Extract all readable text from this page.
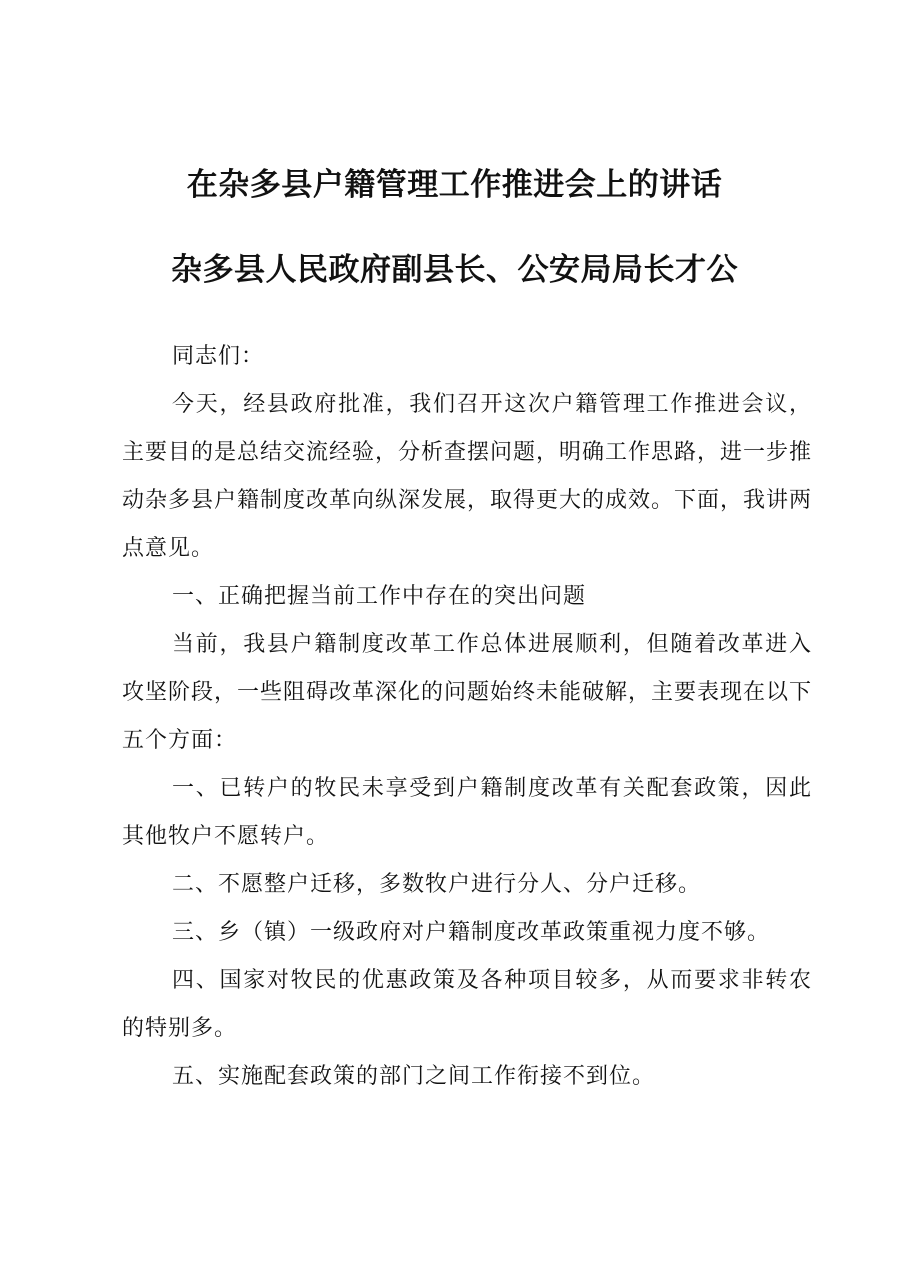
在杂多县户籍管理工作推进会上的讲话
杂多县人民政府副县长、公安局局长才公

同志们：

今天，经县政府批准，我们召开这次户籍管理工作推进会议，主要目的是总结交流经验，分析查摆问题，明确工作思路，进一步推动杂多县户籍制度改革向纵深发展，取得更大的成效。下面，我讲两点意见。

一、正确把握当前工作中存在的突出问题

当前，我县户籍制度改革工作总体进展顺利，但随着改革进入攻坚阶段，一些阻碍改革深化的问题始终未能破解，主要表现在以下五个方面：

一、已转户的牧民未享受到户籍制度改革有关配套政策，因此其他牧户不愿转户。

二、不愿整户迁移，多数牧户进行分人、分户迁移。

三、乡（镇）一级政府对户籍制度改革政策重视力度不够。

四、国家对牧民的优惠政策及各种项目较多，从而要求非转农的特别多。

五、实施配套政策的部门之间工作衔接不到位。
